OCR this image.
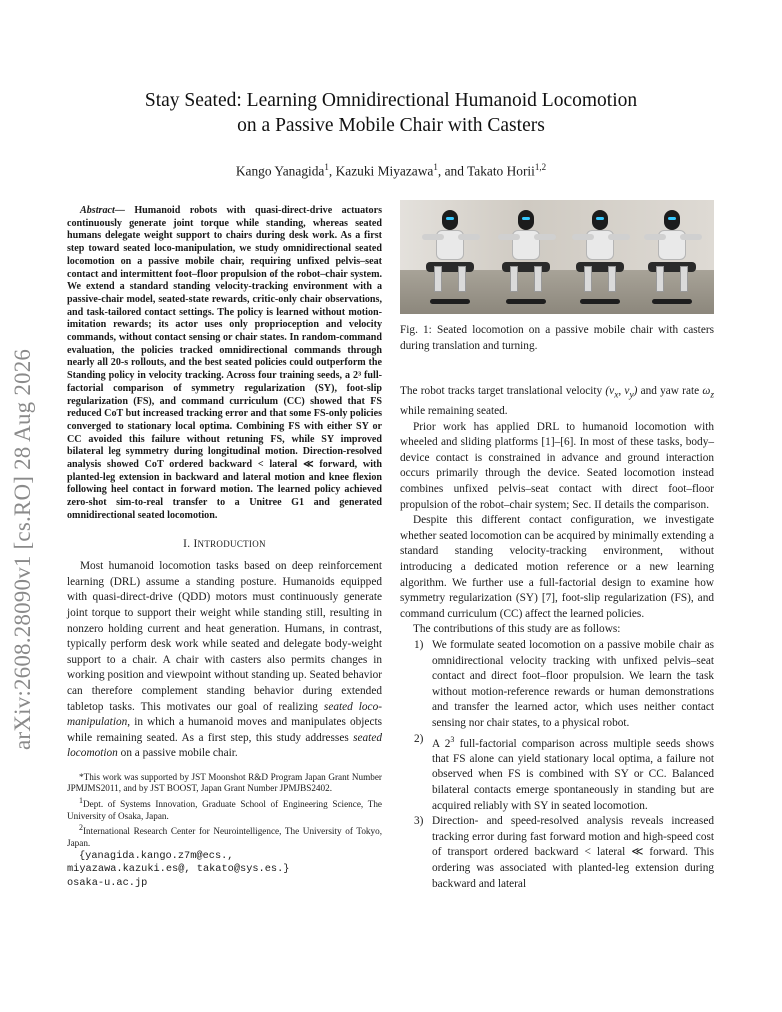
arXiv:2608.28090v1 [cs.RO] 28 Aug 2026
Stay Seated: Learning Omnidirectional Humanoid Locomotion
on a Passive Mobile Chair with Casters
Kango Yanagida$^1$, Kazuki Miyazawa$^1$, and Takato Horii$^{1,2}$

Abstract— Humanoid robots with quasi-direct-drive actuators continuously generate joint torque while standing, whereas seated humans delegate weight support to chairs during desk work. As a first step toward seated loco-manipulation, we study omnidirectional seated locomotion on a passive mobile chair, requiring unfixed pelvis–seat contact and intermittent foot–floor propulsion of the robot–chair system. We extend a standard standing velocity-tracking environment with a passive-chair model, seated-state rewards, critic-only chair observations, and task-tailored contact settings. The policy is learned without motion-imitation rewards; its actor uses only proprioception and velocity commands, without contact sensing or chair states. In random-command evaluation, the policies tracked omnidirectional commands through nearly all 20-s rollouts, and the best seated policies could outperform the Standing policy in velocity tracking. Across four training seeds, a 2³ full-factorial comparison of symmetry regularization (SY), foot-slip regularization (FS), and command curriculum (CC) showed that FS reduced CoT but increased tracking error and that some FS-only policies converged to stationary local optima. Combining FS with either SY or CC avoided this failure without retuning FS, while SY improved bilateral leg symmetry during longitudinal motion. Direction-resolved analysis showed CoT ordered backward < lateral ≪ forward, with planted-leg extension in backward and lateral motion and knee flexion following heel contact in forward motion. The learned policy achieved zero-shot sim-to-real transfer to a Unitree G1 and generated omnidirectional seated locomotion.

I. INTRODUCTION

Most humanoid locomotion tasks based on deep reinforcement learning (DRL) assume a standing posture. Humanoids equipped with quasi-direct-drive (QDD) motors must continuously generate joint torque to support their weight while standing still, resulting in nonzero holding current and heat generation. Humans, in contrast, typically perform desk work while seated and delegate body-weight support to a chair. A chair with casters also permits changes in working position and viewpoint without standing up. Seated behavior can therefore complement standing behavior during extended tabletop tasks. This motivates our goal of realizing seated loco-manipulation, in which a humanoid moves and manipulates objects while remaining seated. As a first step, this study addresses seated locomotion on a passive mobile chair.

*This work was supported by JST Moonshot R&D Program Japan Grant Number JPMJMS2011, and by JST BOOST, Japan Grant Number JPMJBS2402.

$^1$Dept. of Systems Innovation, Graduate School of Engineering Science, The University of Osaka, Japan.

$^2$International Research Center for Neurointelligence, The University of Tokyo, Japan.

{yanagida.kango.z7m@ecs.,

miyazawa.kazuki.es@, takato@sys.es.}

osaka-u.ac.jp

Fig. 1: Seated locomotion on a passive mobile chair with casters during translation and turning.

The robot tracks target translational velocity ($v_x$, $v_y$) and yaw rate $\omega_z$ while remaining seated.

Prior work has applied DRL to humanoid locomotion with wheeled and sliding platforms [1]–[6]. In most of these tasks, body–device contact is constrained in advance and ground interaction occurs primarily through the device. Seated locomotion instead combines unfixed pelvis–seat contact with direct foot–floor propulsion of the robot–chair system; Sec. II details the comparison.

Despite this different contact configuration, we investigate whether seated locomotion can be acquired by minimally extending a standard standing velocity-tracking environment, without introducing a dedicated motion reference or a new learning algorithm. We further use a full-factorial design to examine how symmetry regularization (SY) [7], foot-slip regularization (FS), and command curriculum (CC) affect the learned policies.

The contributions of this study are as follows:

1) We formulate seated locomotion on a passive mobile chair as omnidirectional velocity tracking with unfixed pelvis–seat contact and direct foot–floor propulsion. We learn the task without motion-reference rewards or human demonstrations and transfer the learned actor, which uses neither contact sensing nor chair states, to a physical robot.
2) A $2^3$ full-factorial comparison across multiple seeds shows that FS alone can yield stationary local optima, a failure not observed when FS is combined with SY or CC. Balanced bilateral contacts emerge spontaneously in standing but are acquired reliably with SY in seated locomotion.
3) Direction- and speed-resolved analysis reveals increased tracking error during fast forward motion and high-speed cost of transport ordered backward < lateral ≪ forward. This ordering was associated with planted-leg extension during backward and lateral
